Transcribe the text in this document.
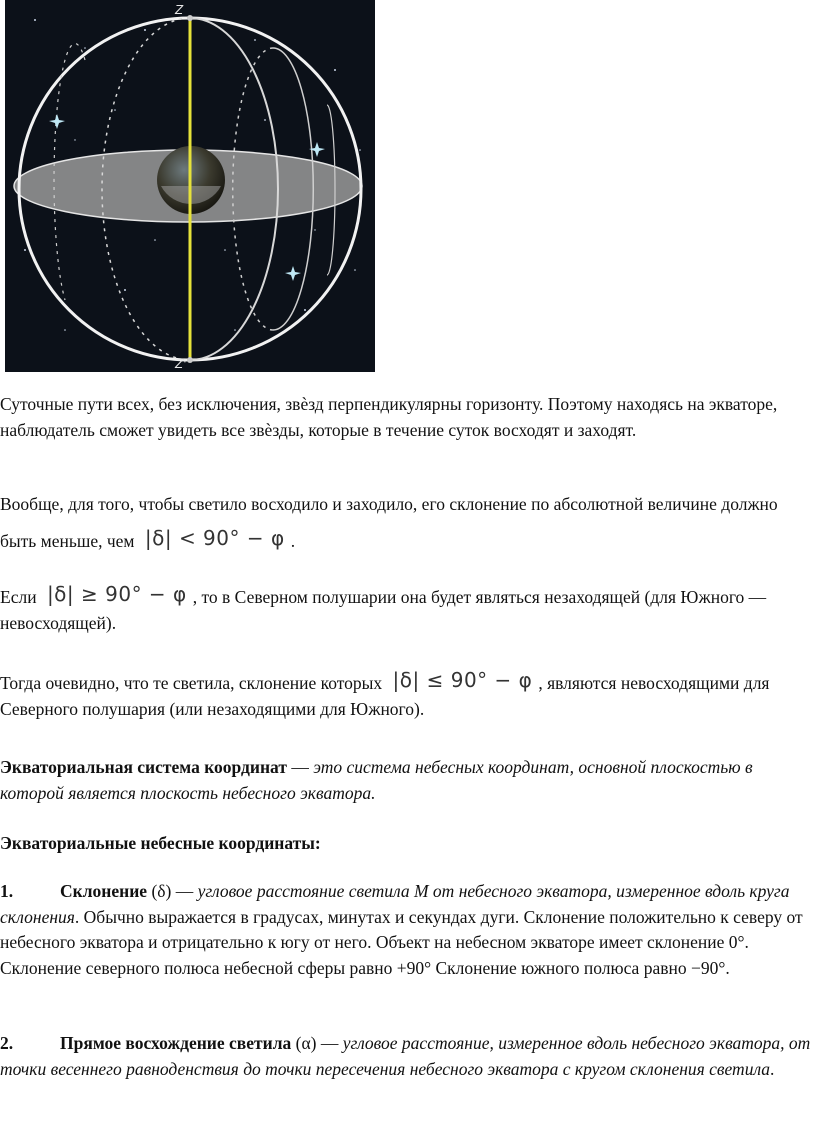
Z
Z'

Суточные пути всех, без исключения, звѐзд перпендикулярны горизонту. Поэтому находясь на экваторе, наблюдатель сможет увидеть все звѐзды, которые в течение суток восходят и заходят.

Вообще, для того, чтобы светило восходило и заходило, его склонение по абсолютной величине должно быть меньше, чем |δ| < 90° − φ .

Если |δ| ≥ 90° − φ , то в Северном полушарии она будет являться незаходящей (для Южного — невосходящей).

Тогда очевидно, что те светила, склонение которых |δ| ≤ 90° − φ , являются невосходящими для Северного полушария (или незаходящими для Южного).

Экваториальная система координат — это система небесных координат, основной плоскостью в которой является плоскость небесного экватора.

Экваториальные небесные координаты:

1.	Склонение (δ) — угловое расстояние светила M от небесного экватора, измеренное вдоль круга склонения. Обычно выражается в градусах, минутах и секундах дуги. Склонение положительно к северу от небесного экватора и отрицательно к югу от него. Объект на небесном экваторе имеет склонение 0°. Склонение северного полюса небесной сферы равно +90° Склонение южного полюса равно −90°.

2.	Прямое восхождение светила (α) — угловое расстояние, измеренное вдоль небесного экватора, от точки весеннего равноденствия до точки пересечения небесного экватора с кругом склонения светила.
